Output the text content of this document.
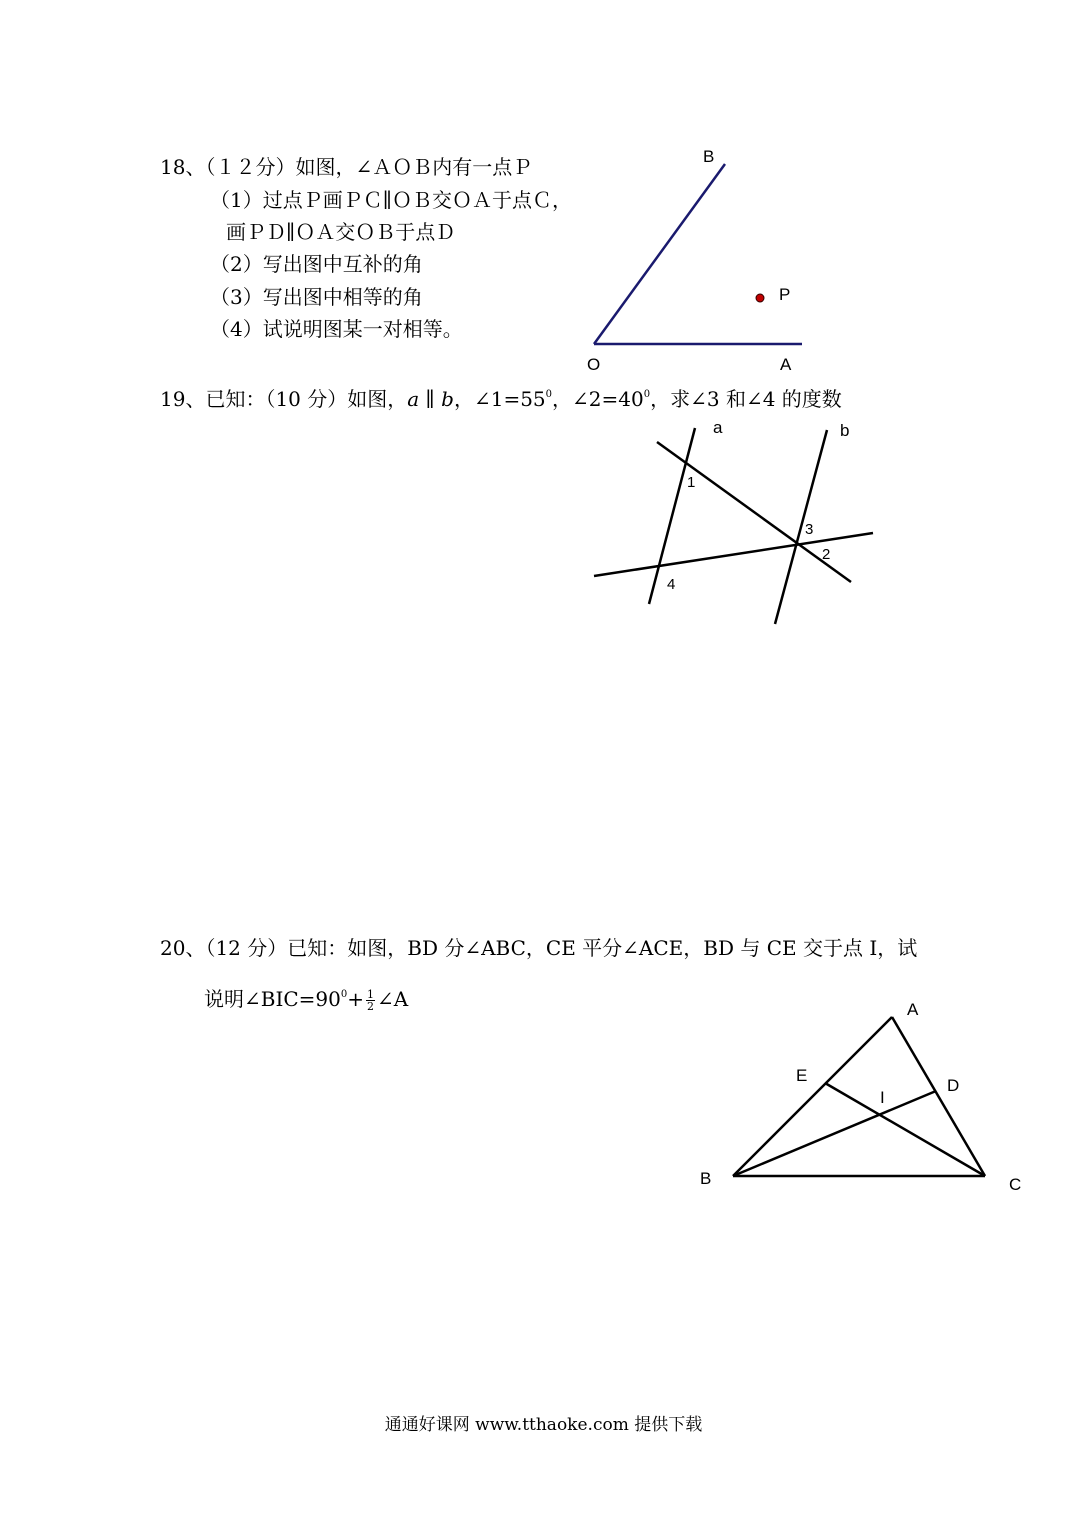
18、（１２分）如图，∠ＡＯＢ内有一点Ｐ
（1）过点Ｐ画ＰＣ∥ＯＢ交ＯＡ于点Ｃ，
画ＰＤ∥ＯＡ交ＯＢ于点Ｄ
（2）写出图中互补的角
（3）写出图中相等的角
（4）试说明图某一对相等。
B
P
O	A
19、已知：（10 分）如图，a ∥ b，$\angle 1=55^0$，$\angle 2=40^0$，求∠3 和∠4 的度数
a	b
1
3
2
4
20、（12 分）已知：如图，BD 分∠ABC，CE 平分∠ACE，BD 与 CE 交于点 I，试
说明$\angle BIC=90^0+ \frac{1}{2}$ ∠A	A
E
I
D
B	C
通通好课网 www.tthaoke.com 提供下载
